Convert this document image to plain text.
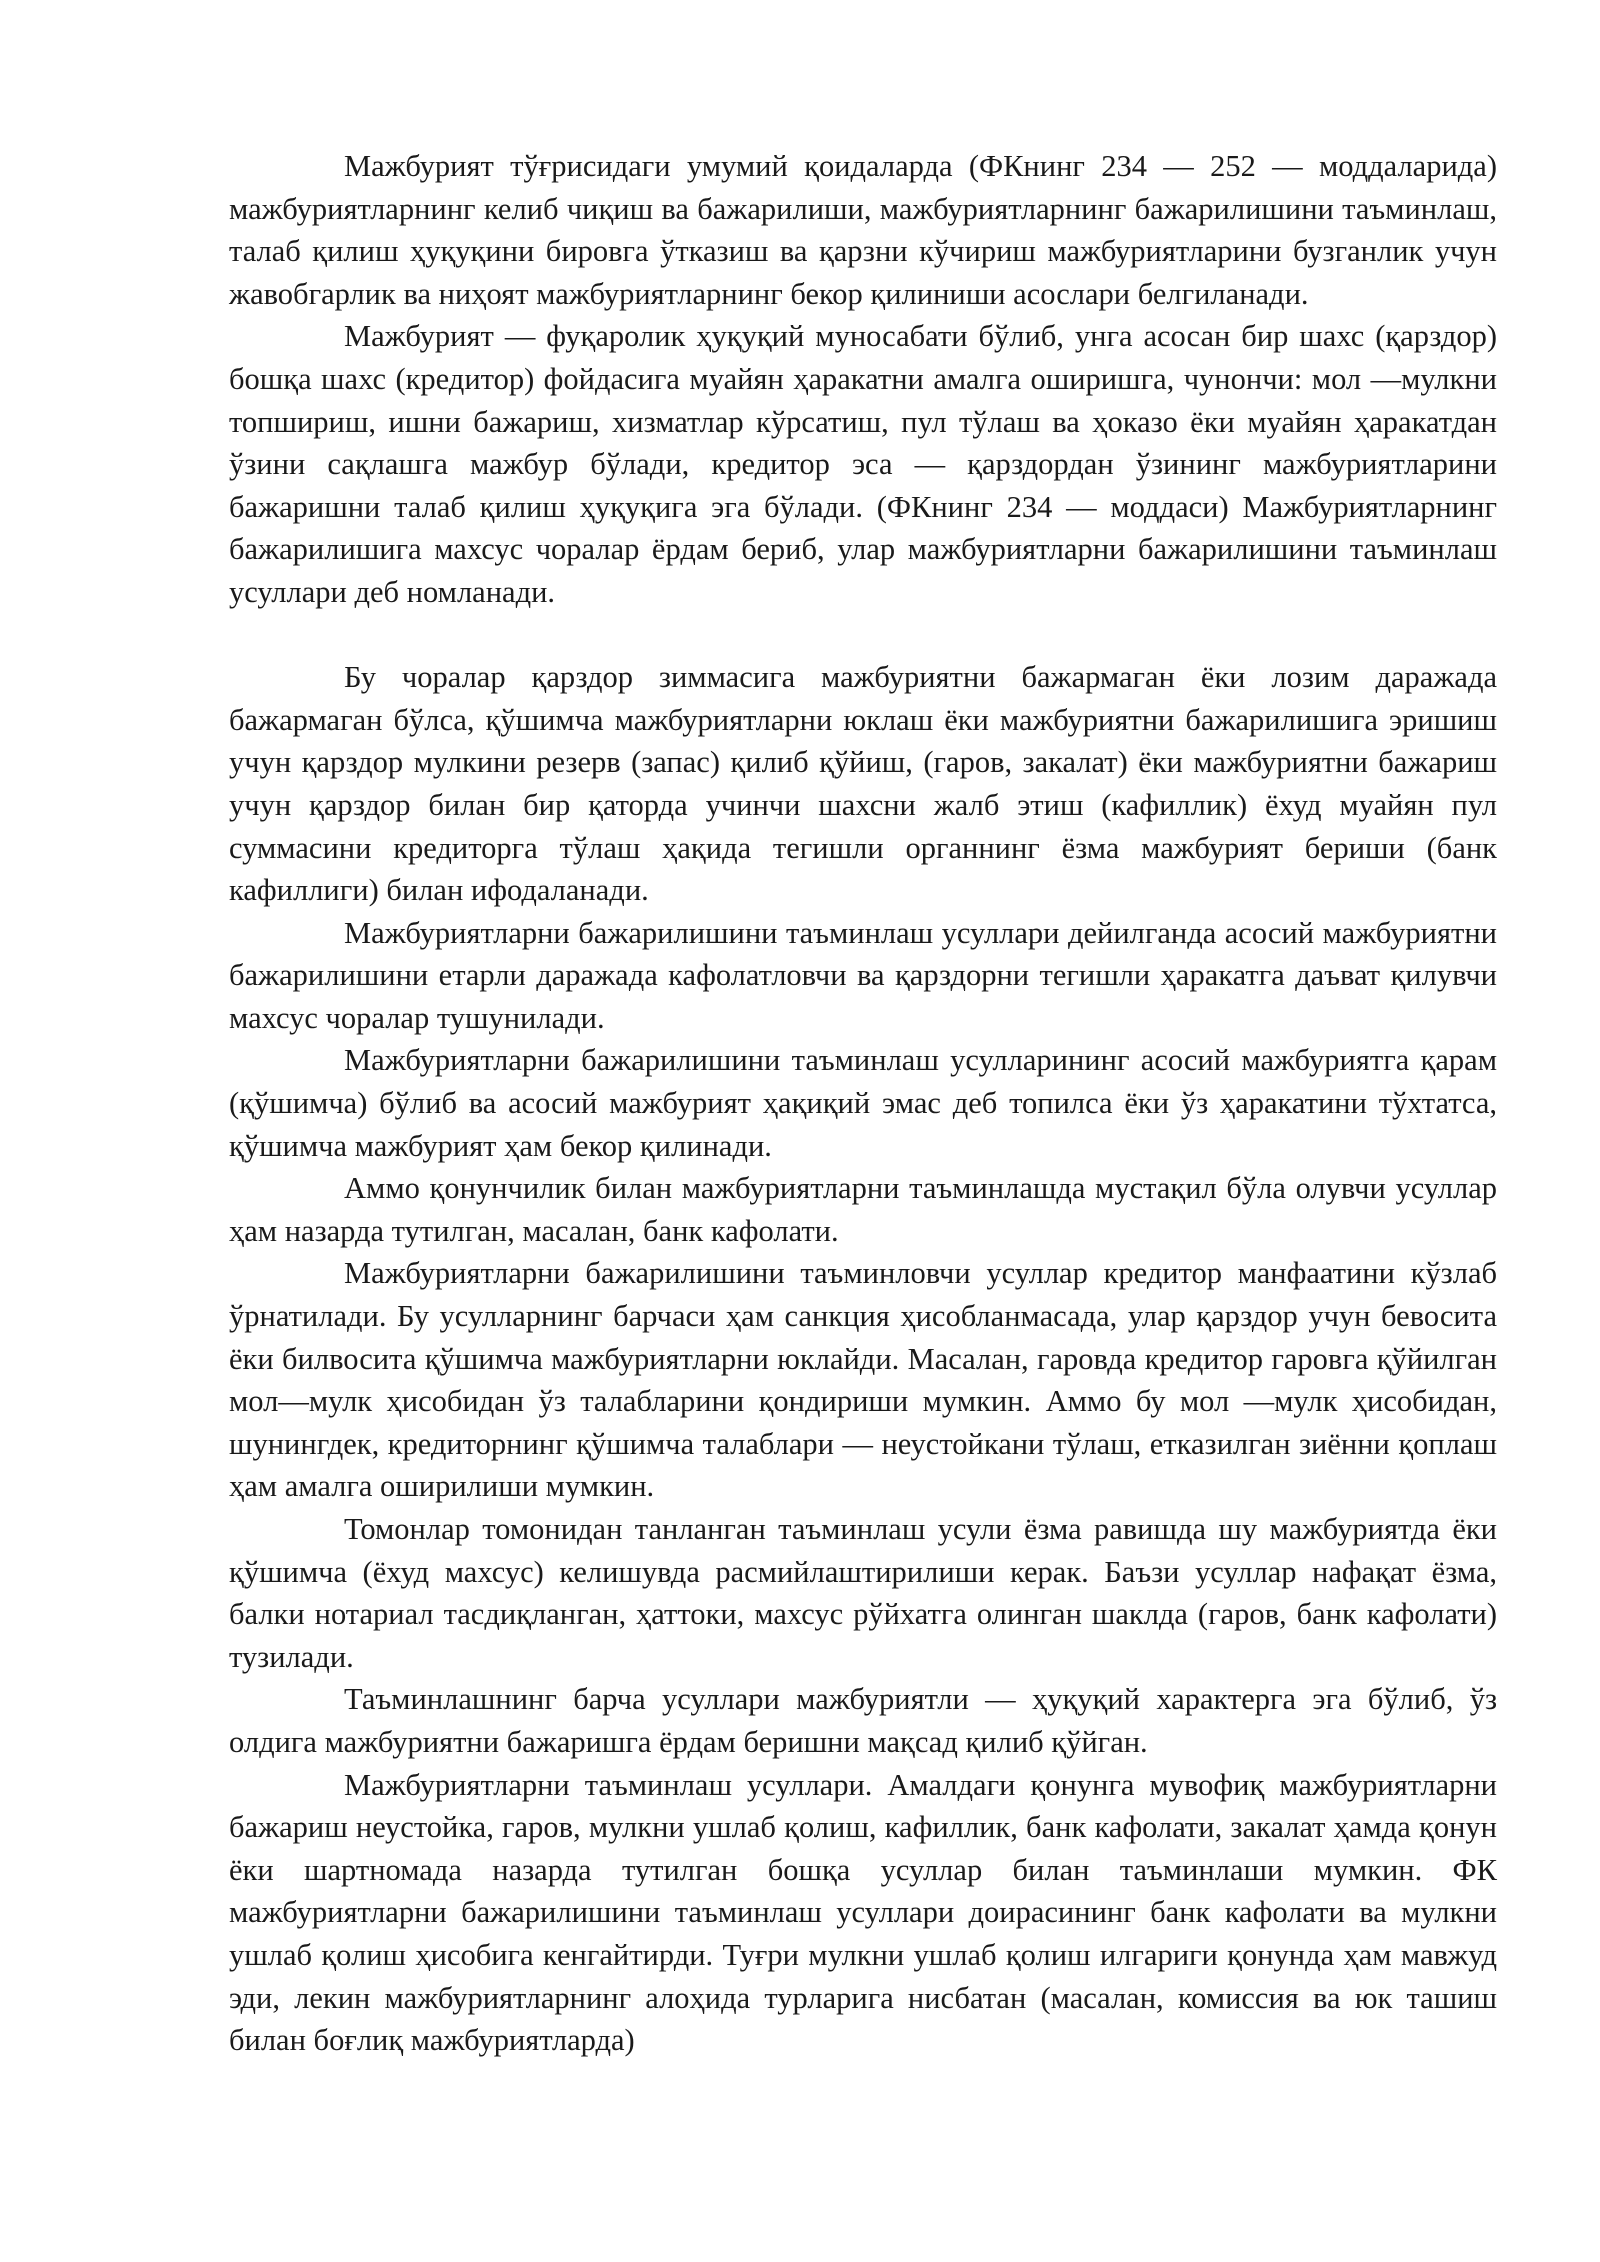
Мажбурият тўғрисидаги умумий қоидаларда (ФКнинг 234 — 252 — моддаларида) мажбуриятларнинг келиб чиқиш ва бажарилиши, мажбуриятларнинг бажарилишини таъминлаш, талаб қилиш ҳуқуқини бировга ўтказиш ва қарзни кўчириш мажбуриятларини бузганлик учун жавобгарлик ва ниҳоят мажбуриятларнинг бекор қилиниши асослари белгиланади.

Мажбурият — фуқаролик ҳуқуқий муносабати бўлиб, унга асосан бир шахс (қарздор) бошқа шахс (кредитор) фойдасига муайян ҳаракатни амалга оширишга, чунончи: мол —мулкни топшириш, ишни бажариш, хизматлар кўрсатиш, пул тўлаш ва ҳоказо ёки муайян ҳаракатдан ўзини сақлашга мажбур бўлади, кредитор эса — қарздордан ўзининг мажбуриятларини бажаришни талаб қилиш ҳуқуқига эга бўлади. (ФКнинг 234 — моддаси) Мажбуриятларнинг бажарилишига махсус чоралар ёрдам бериб, улар мажбуриятларни бажарилишини таъминлаш усуллари деб номланади.

Бу чоралар қарздор зиммасига мажбуриятни бажармаган ёки лозим даражада бажармаган бўлса, қўшимча мажбуриятларни юклаш ёки мажбуриятни бажарилишига эришиш учун қарздор мулкини резерв (запас) қилиб қўйиш, (гаров, закалат) ёки мажбуриятни бажариш учун қарздор билан бир қаторда учинчи шахсни жалб этиш (кафиллик) ёхуд муайян пул суммасини кредиторга тўлаш ҳақида тегишли органнинг ёзма мажбурият бериши (банк кафиллиги) билан ифодаланади.

Мажбуриятларни бажарилишини таъминлаш усуллари дейилганда асосий мажбуриятни бажарилишини етарли даражада кафолатловчи ва қарздорни тегишли ҳаракатга даъват қилувчи махсус чоралар тушунилади.

Мажбуриятларни бажарилишини таъминлаш усулларининг асосий мажбуриятга қарам (қўшимча) бўлиб ва асосий мажбурият ҳақиқий эмас деб топилса ёки ўз ҳаракатини тўхтатса, қўшимча мажбурият ҳам бекор қилинади.

Аммо қонунчилик билан мажбуриятларни таъминлашда мустақил бўла олувчи усуллар ҳам назарда тутилган, масалан, банк кафолати.

Мажбуриятларни бажарилишини таъминловчи усуллар кредитор манфаатини кўзлаб ўрнатилади. Бу усулларнинг барчаси ҳам санкция ҳисобланмасада, улар қарздор учун бевосита ёки билвосита қўшимча мажбуриятларни юклайди. Масалан, гаровда кредитор гаровга қўйилган мол—мулк ҳисобидан ўз талабларини қондириши мумкин. Аммо бу мол —мулк ҳисобидан, шунингдек, кредиторнинг қўшимча талаблари — неустойкани тўлаш, етказилган зиённи қоплаш ҳам амалга оширилиши мумкин.

Томонлар томонидан танланган таъминлаш усули ёзма равишда шу мажбуриятда ёки қўшимча (ёхуд махсус) келишувда расмийлаштирилиши керак. Баъзи усуллар нафақат ёзма, балки нотариал тасдиқланган, ҳаттоки, махсус рўйхатга олинган шаклда (гаров, банк кафолати) тузилади.

Таъминлашнинг барча усуллари мажбуриятли — ҳуқуқий характерга эга бўлиб, ўз олдига мажбуриятни бажаришга ёрдам беришни мақсад қилиб қўйган.

Мажбуриятларни таъминлаш усуллари. Амалдаги қонунга мувофиқ мажбуриятларни бажариш неустойка, гаров, мулкни ушлаб қолиш, кафиллик, банк кафолати, закалат ҳамда қонун ёки шартномада назарда тутилган бошқа усуллар билан таъминлаши мумкин. ФК мажбуриятларни бажарилишини таъминлаш усуллари доирасининг банк кафолати ва мулкни ушлаб қолиш ҳисобига кенгайтирди. Туғри мулкни ушлаб қолиш илгариги қонунда ҳам мавжуд эди, лекин мажбуриятларнинг алоҳида турларига нисбатан (масалан, комиссия ва юк ташиш билан боғлиқ мажбуриятларда)
